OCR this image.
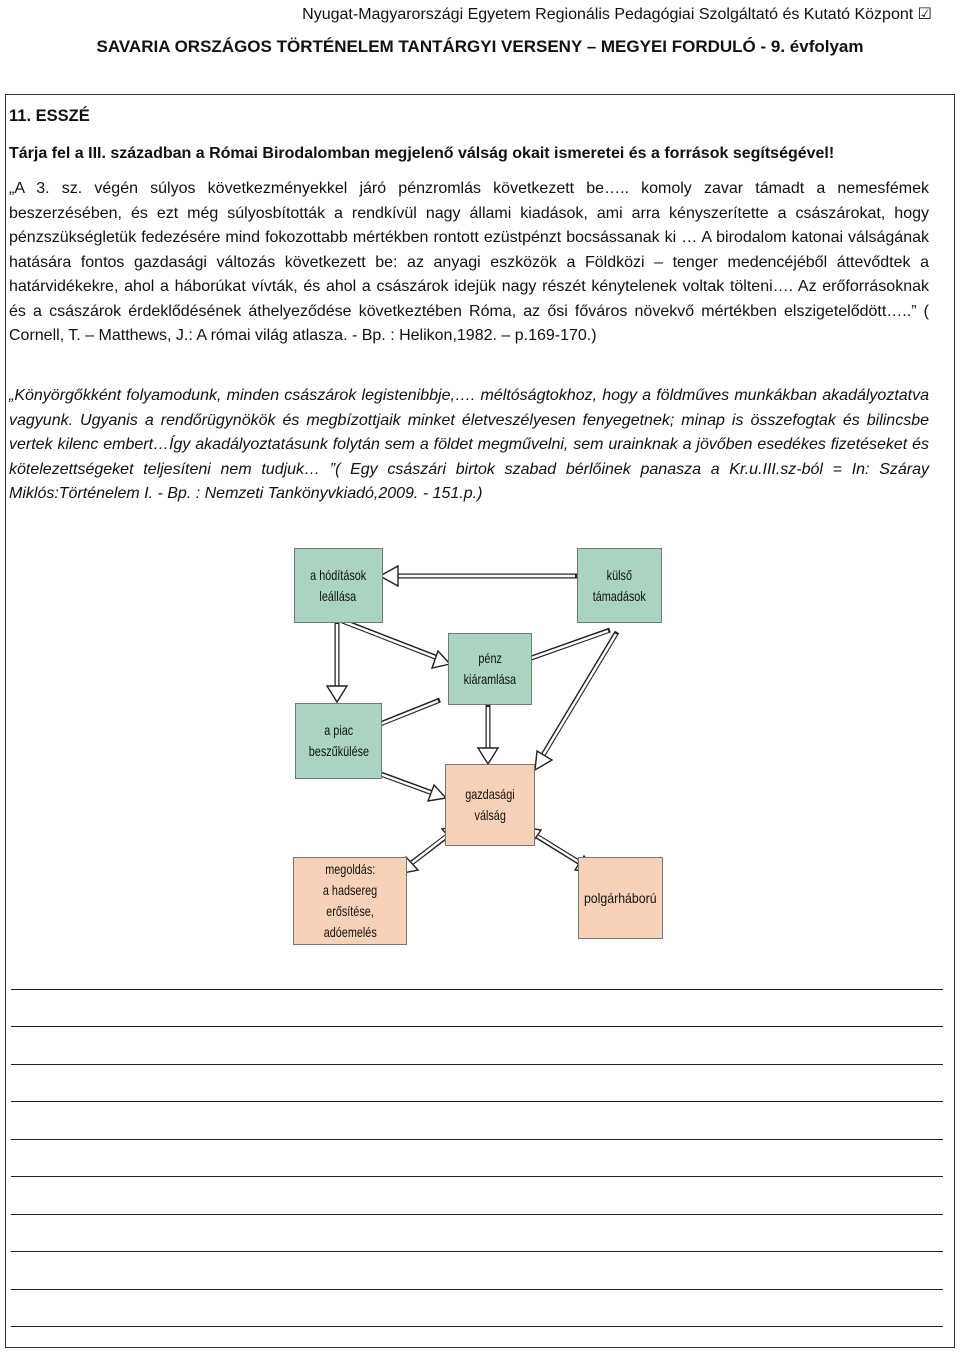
Nyugat-Magyarországi Egyetem Regionális Pedagógiai Szolgáltató és Kutató Központ ☑
SAVARIA ORSZÁGOS TÖRTÉNELEM TANTÁRGYI VERSENY – MEGYEI FORDULÓ - 9. évfolyam
11. ESSZÉ
Tárja fel a III. században a Római Birodalomban megjelenő válság okait ismeretei és a források segítségével!

„A 3. sz. végén súlyos következményekkel járó pénzromlás következett be….. komoly zavar támadt a nemesfémek beszerzésében, és ezt még súlyosbították a rendkívül nagy állami kiadások, ami arra kényszerítette a császárokat, hogy pénzszükségletük fedezésére mind fokozottabb mértékben rontott ezüstpénzt bocsássanak ki … A birodalom katonai válságának hatására fontos gazdasági változás következett be: az anyagi eszközök a Földközi – tenger medencéjéből áttevődtek a határvidékekre, ahol a háborúkat vívták, és ahol a császárok idejük nagy részét kénytelenek voltak tölteni…. Az erőforrásoknak és a császárok érdeklődésének áthelyeződése következtében Róma, az ősi főváros növekvő mértékben elszigetelődött…..” ( Cornell, T. – Matthews, J.: A római világ atlasza. - Bp. : Helikon,1982. – p.169-170.)

„Könyörgőkként folyamodunk, minden császárok legistenibbje,…. méltóságtokhoz, hogy a földműves munkákban akadályoztatva vagyunk. Ugyanis a rendőrügynökök és megbízottjaik minket életveszélyesen fenyegetnek; minap is összefogtak és bilincsbe vertek kilenc embert…Így akadályoztatásunk folytán sem a földet megművelni, sem urainknak a jövőben esedékes fizetéseket és kötelezettségeket teljesíteni nem tudjuk… ”( Egy császári birtok szabad bérlőinek panasza a Kr.u.III.sz-ból = In: Száray Miklós:Történelem I. - Bp. : Nemzeti Tankönyvkiadó,2009. - 151.p.)

a hódítások
leállása
külső
támadások
pénz
kiáramlása
a piac
beszűkülése
gazdasági
válság
megoldás:
a hadsereg erősítése,
adóemelés
polgárháború
